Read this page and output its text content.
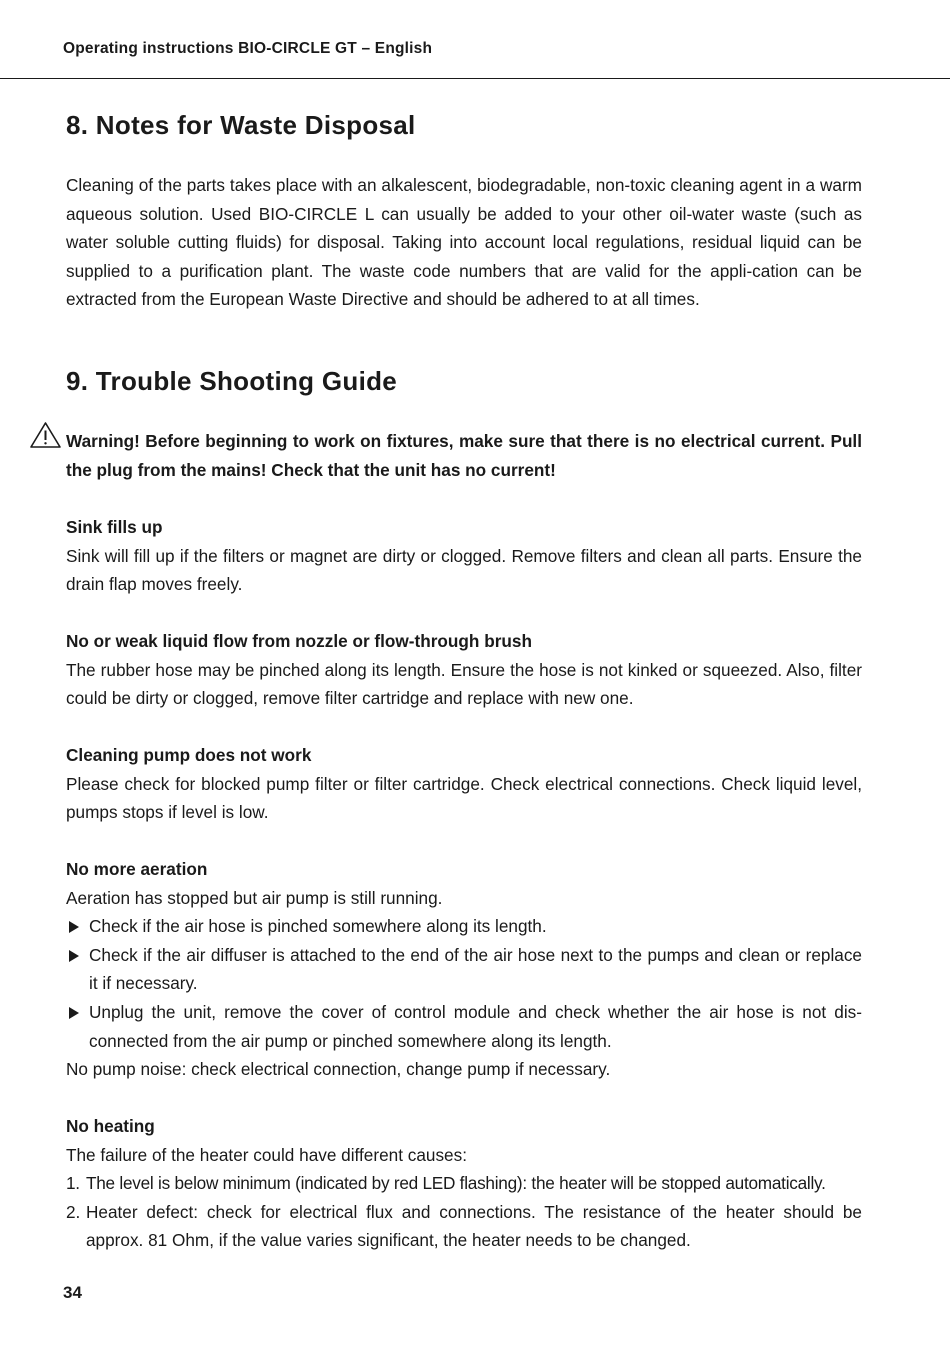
Operating instructions BIO-CIRCLE GT – English
8. Notes for Waste Disposal

Cleaning of the parts takes place with an alkalescent, biodegradable, non-toxic cleaning agent in a warm aqueous solution. Used BIO-CIRCLE L can usually be added to your other oil-water waste (such as water soluble cutting fluids) for disposal. Taking into account local regulations, residual liquid can be supplied to a purification plant. The waste code numbers that are valid for the appli-cation can be extracted from the European Waste Directive and should be adhered to at all times.

9. Trouble Shooting Guide

Warning! Before beginning to work on fixtures, make sure that there is no electrical current. Pull the plug from the mains! Check that the unit has no current!

Sink fills up

Sink will fill up if the filters or magnet are dirty or clogged. Remove filters and clean all parts. Ensure the drain flap moves freely.

No or weak liquid flow from nozzle or flow-through brush

The rubber hose may be pinched along its length. Ensure the hose is not kinked or squeezed. Also, filter could be dirty or clogged, remove filter cartridge and replace with new one.

Cleaning pump does not work

Please check for blocked pump filter or filter cartridge. Check electrical connections. Check liquid level, pumps stops if level is low.

No more aeration

Aeration has stopped but air pump is still running.

Check if the air hose is pinched somewhere along its length.
Check if the air diffuser is attached to the end of the air hose next to the pumps and clean or replace it if necessary.
Unplug the unit, remove the cover of control module and check whether the air hose is not dis-connected from the air pump or pinched somewhere along its length.

No pump noise: check electrical connection, change pump if necessary.

No heating

The failure of the heater could have different causes:

1. The level is below minimum (indicated by red LED flashing): the heater will be stopped automatically.
2. Heater defect: check for electrical flux and connections. The resistance of the heater should be approx. 81 Ohm, if the value varies significant, the heater needs to be changed.
34
